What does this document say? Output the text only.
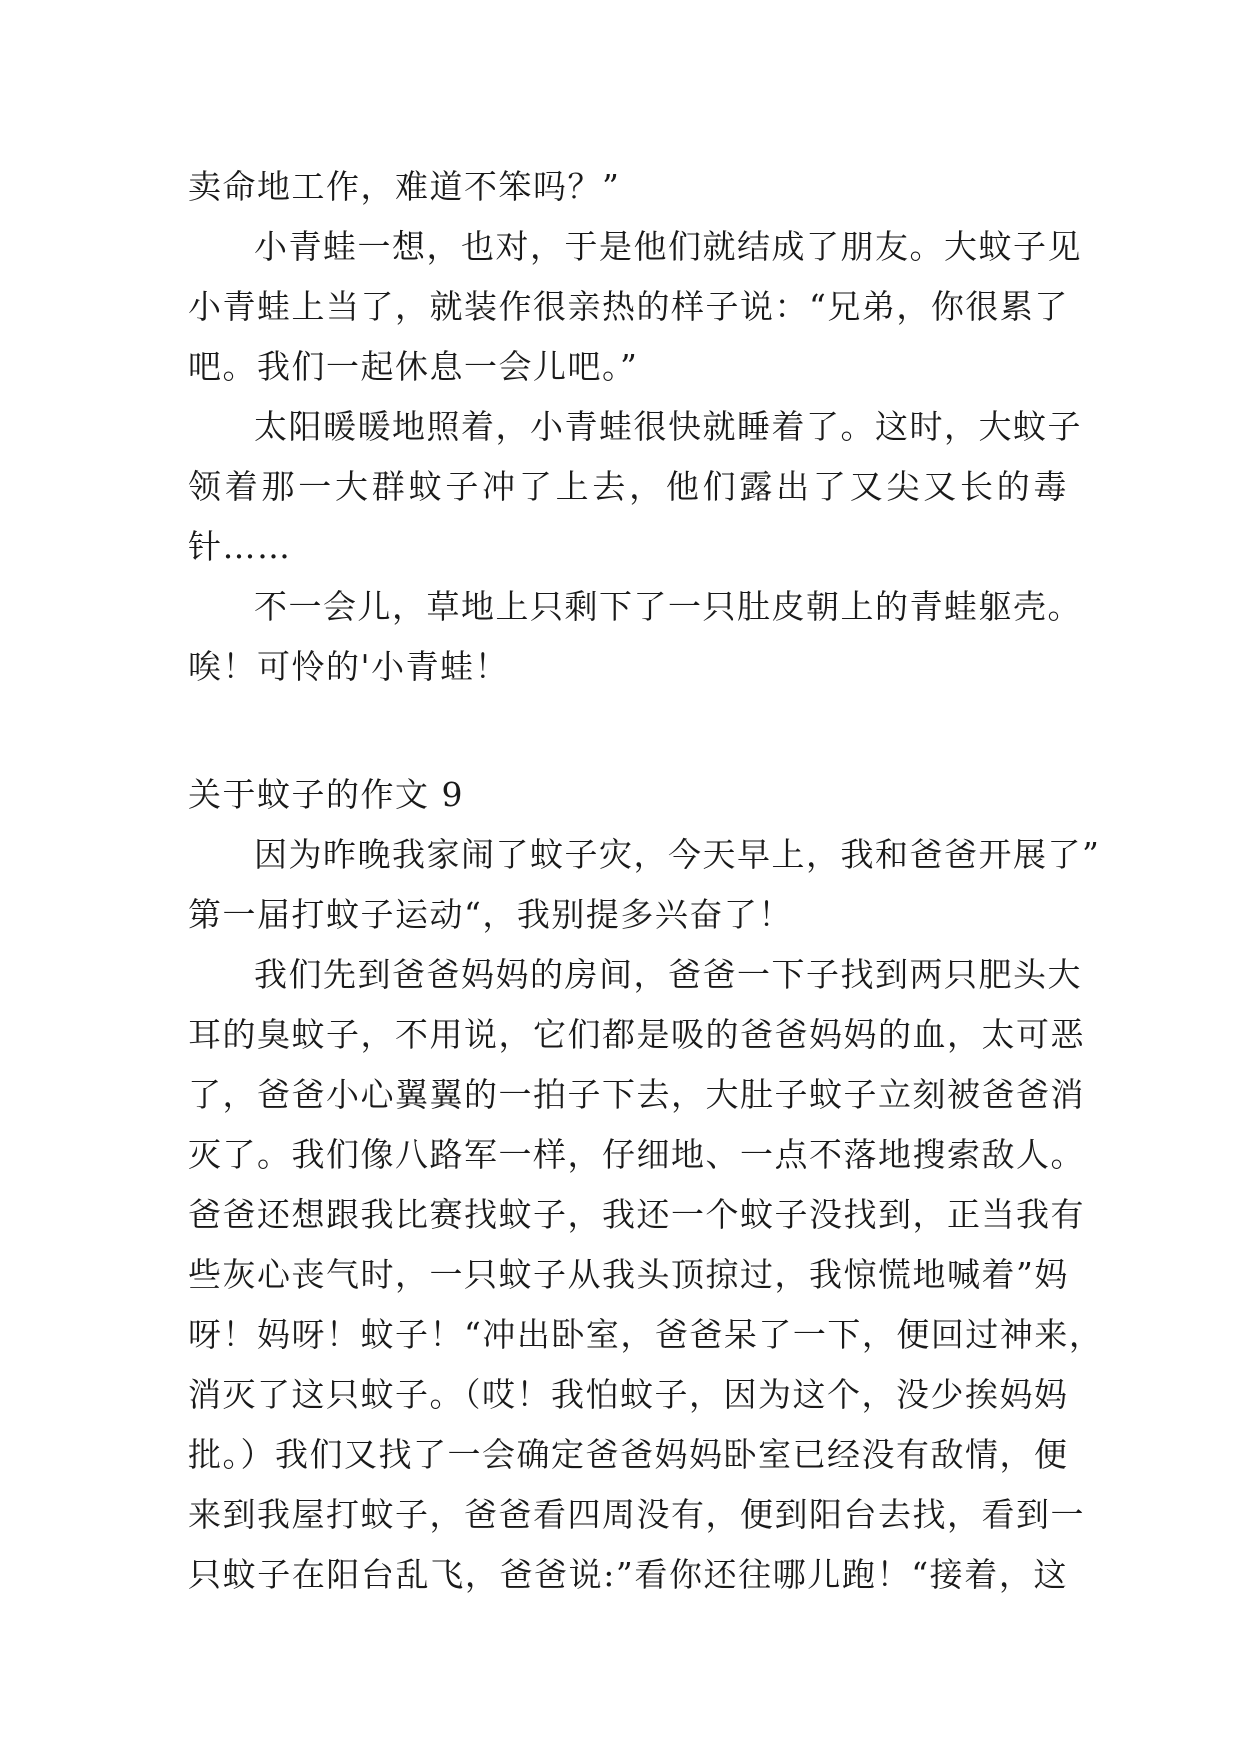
卖命地工作，难道不笨吗？”
小青蛙一想，也对，于是他们就结成了朋友。大蚊子见
小青蛙上当了，就装作很亲热的样子说：“兄弟，你很累了
吧。我们一起休息一会儿吧。”
太阳暖暖地照着，小青蛙很快就睡着了。这时，大蚊子
领着那一大群蚊子冲了上去，他们露出了又尖又长的毒
针……
不一会儿，草地上只剩下了一只肚皮朝上的青蛙躯壳。
唉！可怜的'小青蛙！
关于蚊子的作文 9
因为昨晚我家闹了蚊子灾，今天早上，我和爸爸开展了”
第一届打蚊子运动“，我别提多兴奋了！
我们先到爸爸妈妈的房间，爸爸一下子找到两只肥头大
耳的臭蚊子，不用说，它们都是吸的爸爸妈妈的血，太可恶
了，爸爸小心翼翼的一拍子下去，大肚子蚊子立刻被爸爸消
灭了。我们像八路军一样，仔细地、一点不落地搜索敌人。
爸爸还想跟我比赛找蚊子，我还一个蚊子没找到，正当我有
些灰心丧气时，一只蚊子从我头顶掠过，我惊慌地喊着”妈
呀！妈呀！蚊子！“冲出卧室，爸爸呆了一下，便回过神来，
消灭了这只蚊子。（哎！我怕蚊子，因为这个，没少挨妈妈
批。）我们又找了一会确定爸爸妈妈卧室已经没有敌情，便
来到我屋打蚊子，爸爸看四周没有，便到阳台去找，看到一
只蚊子在阳台乱飞，爸爸说:”看你还往哪儿跑！“接着，这
